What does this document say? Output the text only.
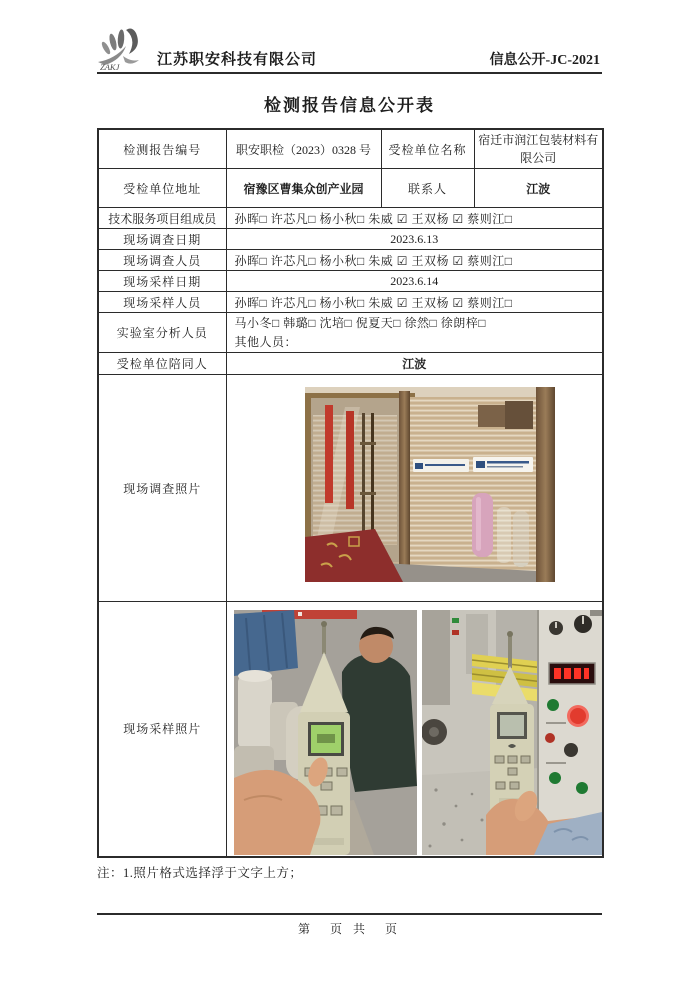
ZAKJ	江苏职安科技有限公司	信息公开-JC-2021
检测报告信息公开表
检测报告编号	职安职检（2023）0328 号	受检单位名称	宿迁市润江包装材料有限公司
受检单位地址	宿豫区曹集众创产业园	联系人	江波
技术服务项目组成员	孙晖□ 许芯凡□ 杨小秋□ 朱威 ☑ 王双杨 ☑ 蔡则江□		
现场调查日期	2023.6.13		
现场调查人员	孙晖□ 许芯凡□ 杨小秋□ 朱威 ☑ 王双杨 ☑ 蔡则江□		
现场采样日期	2023.6.14		
现场采样人员	孙晖□ 许芯凡□ 杨小秋□ 朱威 ☑ 王双杨 ☑ 蔡则江□		
实验室分析人员	马小冬□ 韩璐□ 沈培□ 倪夏天□ 徐然□ 徐朗梓□
其他人员：		

受检单位陪同人	江波		
现场调查照片	

现场采样照片	
注：1.照片格式选择浮于文字上方；
第　页 共　页
